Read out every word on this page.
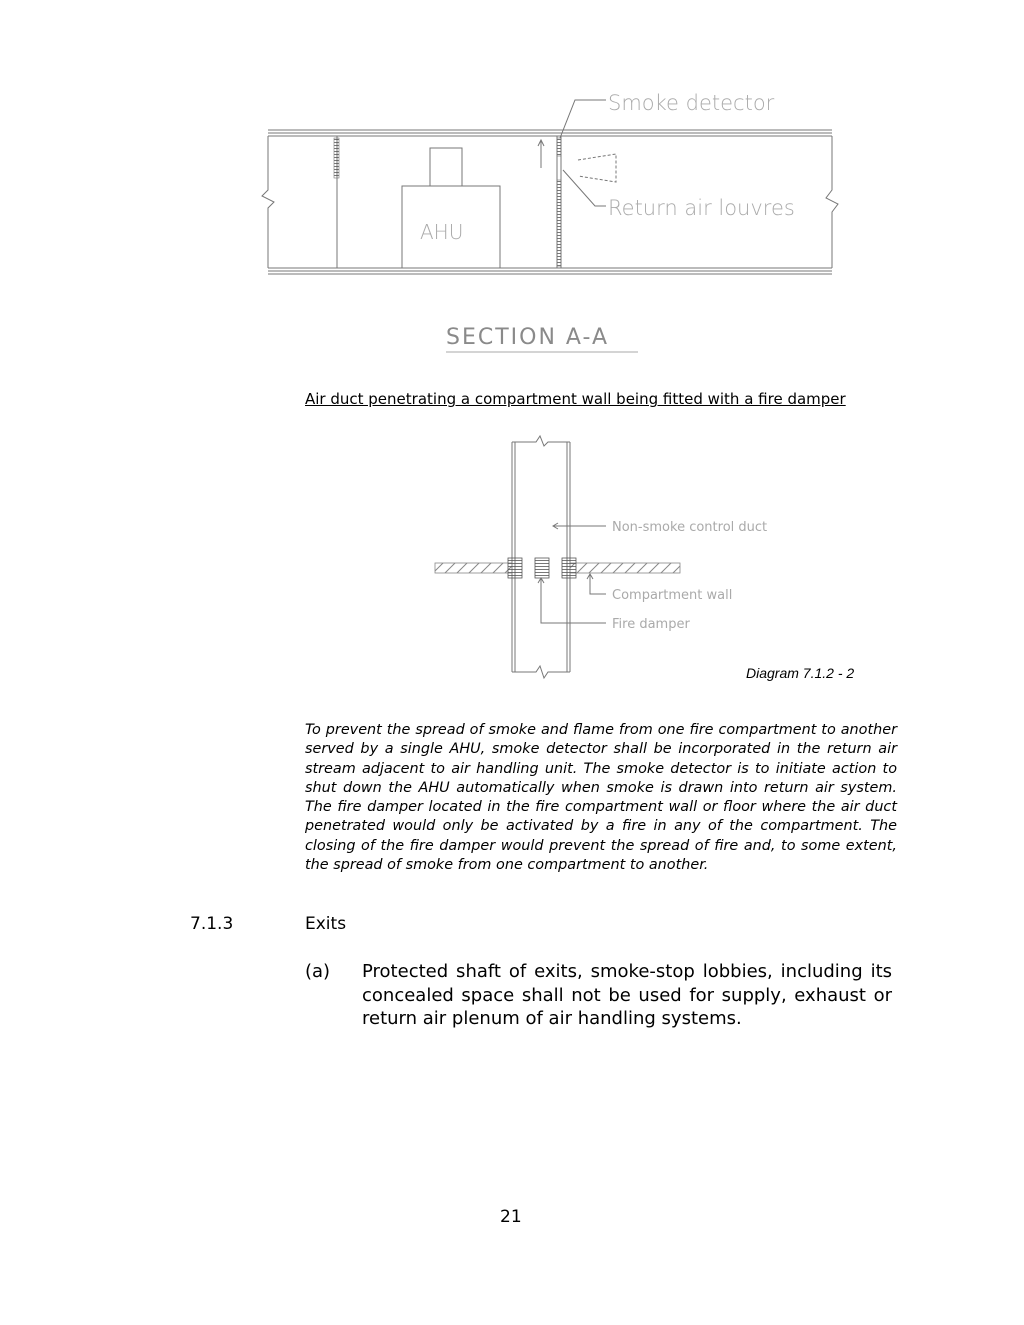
Smoke detector
Return air louvres
AHU
SECTION A-A
Air duct penetrating a compartment wall being fitted with a fire damper
Non-smoke control duct
Compartment wall
Fire damper
Diagram 7.1.2 - 2
To prevent the spread of smoke and flame from one fire compartment to another served by a single AHU, smoke detector shall be incorporated in the return air stream adjacent to air handling unit. The smoke detector is to initiate action to shut down the AHU automatically when smoke is drawn into return air system. The fire damper located in the fire compartment wall or floor where the air duct penetrated would only be activated by a fire in any of the compartment. The closing of the fire damper would prevent the spread of fire and, to some extent, the spread of smoke from one compartment to another.
7.1.3	Exits
(a) Protected shaft of exits, smoke-stop lobbies, including its concealed space shall not be used for supply, exhaust or return air plenum of air handling systems.
21
